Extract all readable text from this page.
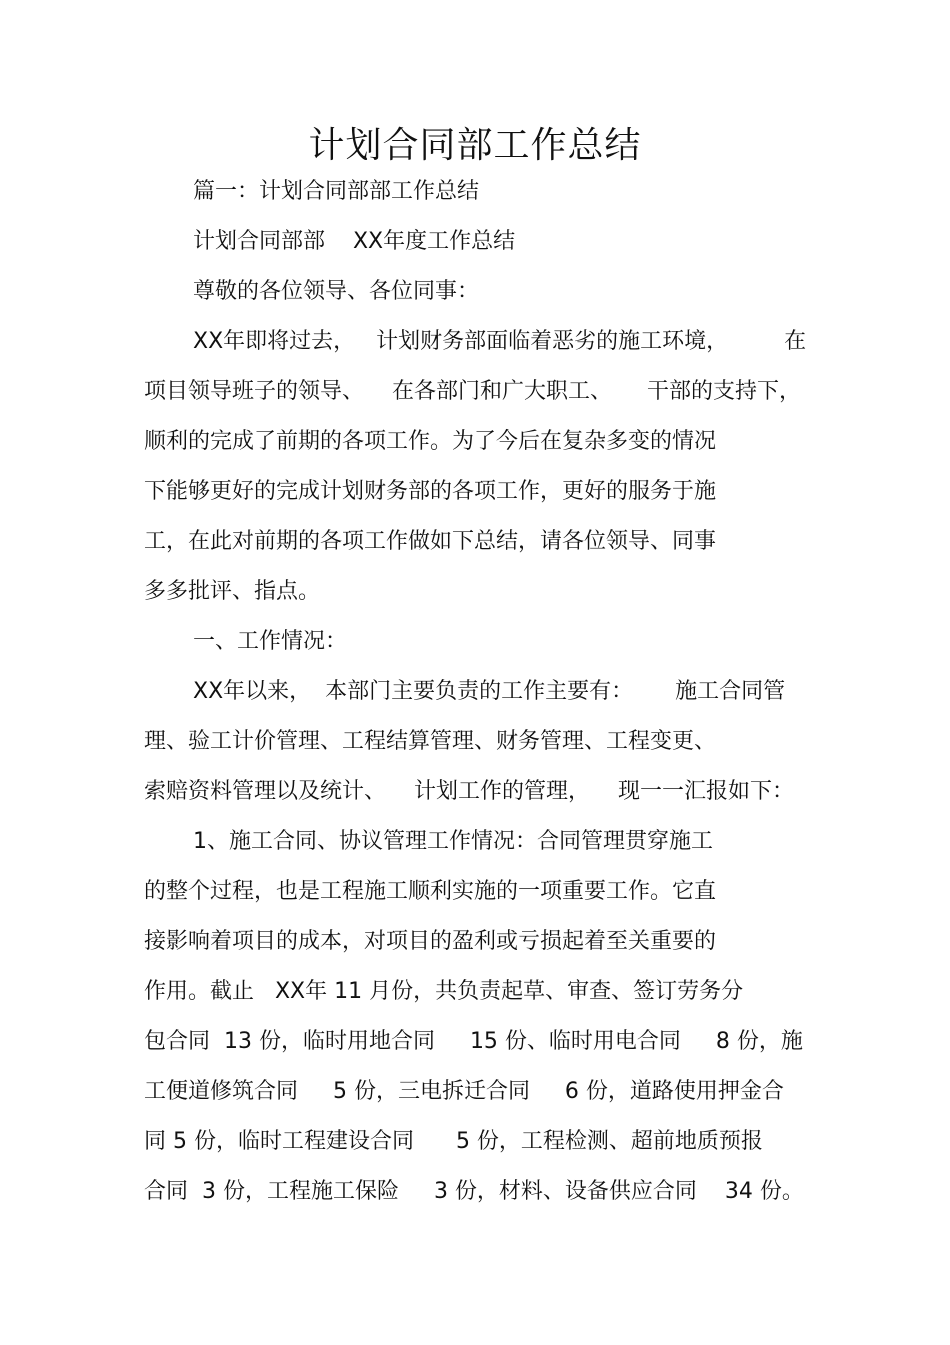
计划合同部工作总结
篇一：计划合同部部工作总结
计划合同部部    XX年度工作总结
尊敬的各位领导、各位同事：
XX年即将过去，   计划财务部面临着恶劣的施工环境，        在
项目领导班子的领导、    在各部门和广大职工、     干部的支持下，
顺利的完成了前期的各项工作。为了今后在复杂多变的情况
下能够更好的完成计划财务部的各项工作，更好的服务于施
工，在此对前期的各项工作做如下总结，请各位领导、同事
多多批评、指点。
一、工作情况：
XX年以来，  本部门主要负责的工作主要有：      施工合同管
理、验工计价管理、工程结算管理、财务管理、工程变更、
索赔资料管理以及统计、    计划工作的管理，    现一一汇报如下：
1、施工合同、协议管理工作情况：合同管理贯穿施工
的整个过程，也是工程施工顺利实施的一项重要工作。它直
接影响着项目的成本，对项目的盈利或亏损起着至关重要的
作用。截止   XX年 11 月份，共负责起草、审查、签订劳务分
包合同  13 份，临时用地合同     15 份、临时用电合同     8 份，施
工便道修筑合同     5 份，三电拆迁合同     6 份，道路使用押金合
同 5 份，临时工程建设合同      5 份，工程检测、超前地质预报
合同  3 份，工程施工保险     3 份，材料、设备供应合同    34 份。
